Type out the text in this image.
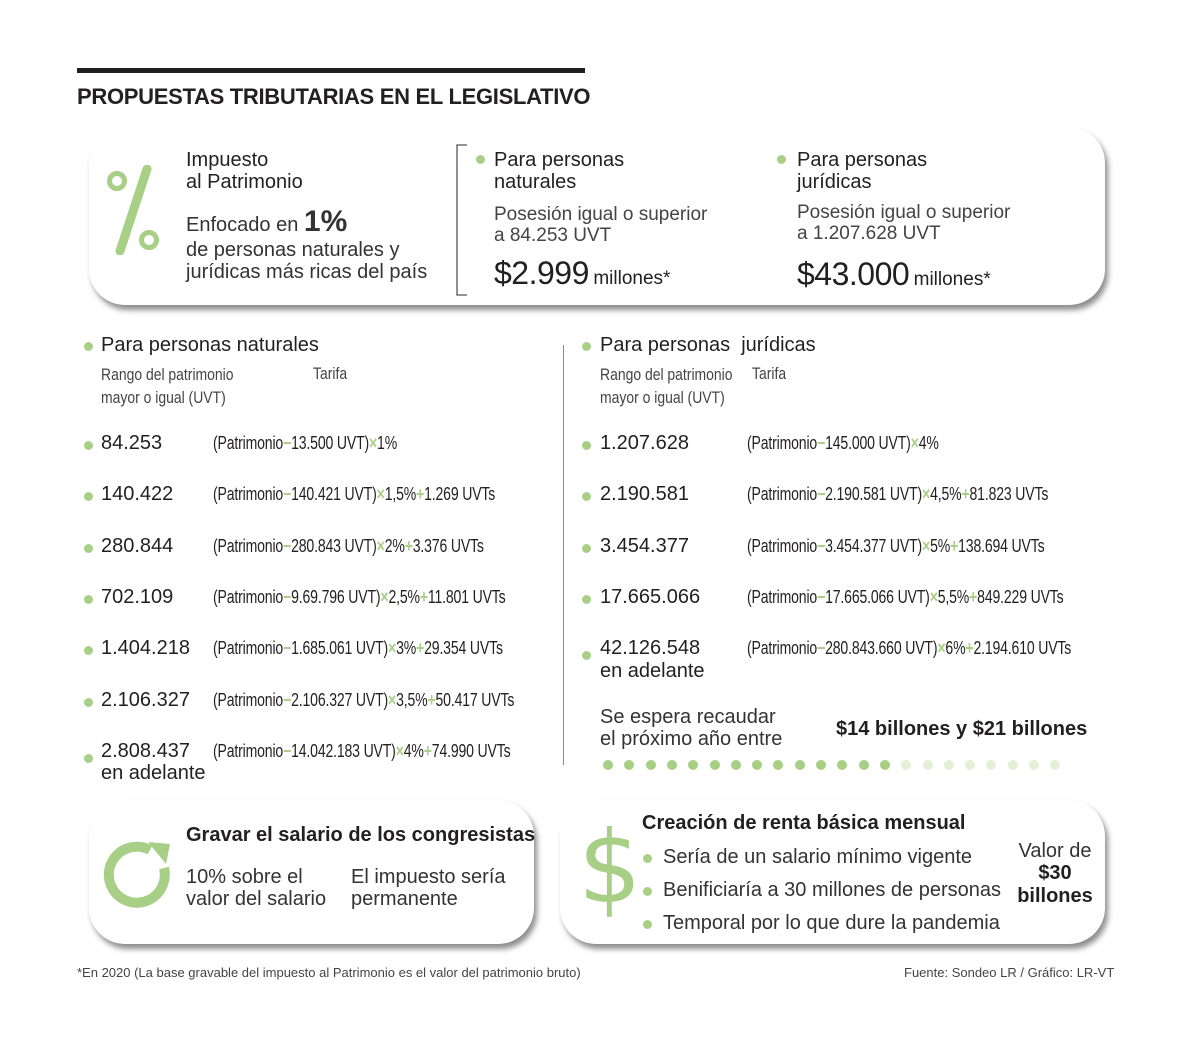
PROPUESTAS TRIBUTARIAS EN EL LEGISLATIVO
Impuesto
al Patrimonio
Enfocado en 1%
de personas naturales y
jurídicas más ricas del país
Para personas
naturales
Posesión igual o superior
a 84.253 UVT
$2.999 millones*
Para personas
jurídicas
Posesión igual o superior
a 1.207.628 UVT
$43.000 millones*
Para personas naturales
Rango del patrimonio
mayor o igual (UVT)
Tarifa
84.253	(Patrimonio−13.500 UVT)×1%
140.422 (Patrimonio−140.421 UVT)×1,5%+1.269 UVTs
280.844 (Patrimonio−280.843 UVT)×2%+3.376 UVTs
702.109 (Patrimonio−9.69.796 UVT)×2,5%+11.801 UVTs
1.404.218 (Patrimonio−1.685.061 UVT)×3%+29.354 UVTs
2.106.327 (Patrimonio−2.106.327 UVT)×3,5%+50.417 UVTs
2.808.437
en adelante
(Patrimonio−14.042.183 UVT)×4%+74.990 UVTs
Para personas  jurídicas
Rango del patrimonio
mayor o igual (UVT)
Tarifa
1.207.628	(Patrimonio−145.000 UVT)×4%
2.190.581	(Patrimonio−2.190.581 UVT)×4,5%+81.823 UVTs
3.454.377	(Patrimonio−3.454.377 UVT)×5%+138.694 UVTs
17.665.066	(Patrimonio−17.665.066 UVT)×5,5%+849.229 UVTs
42.126.548
en adelante
(Patrimonio−280.843.660 UVT)×6%+2.194.610 UVTs
Se espera recaudar
el próximo año entre	$14 billones y $21 billones
Gravar el salario de los congresistas
10% sobre el
valor del salario
El impuesto sería
permanente	$ Creación de renta básica mensual
Sería de un salario mínimo vigente
Benificiaría a 30 millones de personas
Temporal por lo que dure la pandemia
Valor de
$30
billones
*En 2020 (La base gravable del impuesto al Patrimonio es el valor del patrimonio bruto)	Fuente: Sondeo LR / Gráfico: LR-VT
